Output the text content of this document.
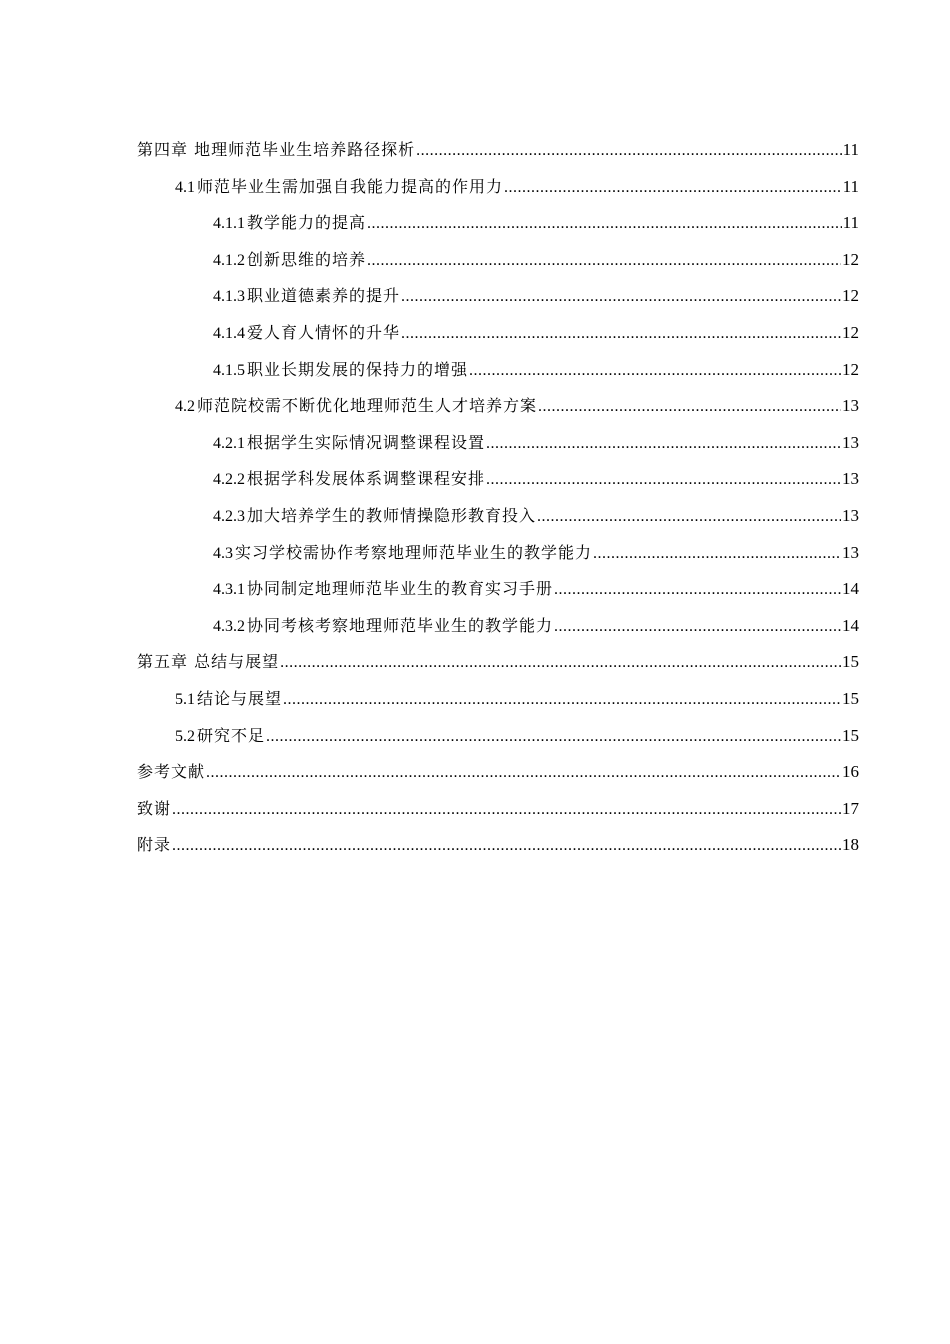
第四章 地理师范毕业生培养路径探析 .....	11
4.1 师范毕业生需加强自我能力提高的作用力 .....	11
4.1.1 教学能力的提高 .....	11
4.1.2 创新思维的培养 .....	12
4.1.3 职业道德素养的提升 .....	12
4.1.4 爱人育人情怀的升华 .....	12
4.1.5 职业长期发展的保持力的增强 .....	12
4.2 师范院校需不断优化地理师范生人才培养方案 .....	13
4.2.1 根据学生实际情况调整课程设置 .....	13
4.2.2 根据学科发展体系调整课程安排 .....	13
4.2.3 加大培养学生的教师情操隐形教育投入 .....	13
4.3 实习学校需协作考察地理师范毕业生的教学能力 .....	13
4.3.1 协同制定地理师范毕业生的教育实习手册 .....	14
4.3.2 协同考核考察地理师范毕业生的教学能力 .....	14
第五章 总结与展望 .....	15
5.1 结论与展望 .....	15
5.2 研究不足 .....	15
参考文献 .....	16
致谢 .....	17
附录 .....	18
